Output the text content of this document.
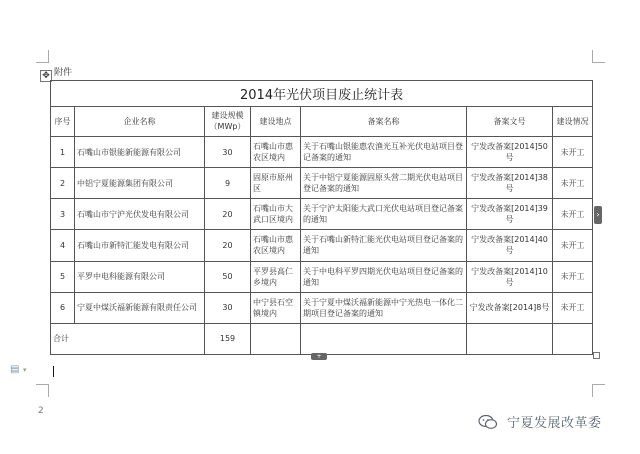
✥ 附件
2014年光伏项目废止统计表						
序号	企业名称	建设规模（MWp）	建设地点	备案名称	备案文号	建设情况
1	石嘴山市银能新能源有限公司	30	石嘴山市惠农区境内	关于石嘴山银能惠农渔光互补光伏电站项目登记备案的通知	宁发改备案[2014]50号	未开工
2	中铝宁夏能源集团有限公司	9	固原市原州区	关于中铝宁夏能源固原头营二期光伏电站项目登记备案的通知	宁发改备案[2014]38号	未开工
3	石嘴山市宁沪光伏发电有限公司	20	石嘴山市大武口区境内	关于宁沪太阳能大武口光伏电站项目登记备案的通知	宁发改备案[2014]39号	未开工
4	石嘴山市新特汇能发电有限公司	20	石嘴山市惠农区境内	关于石嘴山新特汇能光伏电站项目登记备案的通知	宁发改备案[2014]40号	未开工
5	平罗中电科能源有限公司	50	平罗县高仁乡境内	关于中电科平罗四期光伏电站项目登记备案的通知	宁发改备案[2014]10号	未开工
6	宁夏中煤沃福新能源有限责任公司	30	中宁县石空镇境内	关于宁夏中煤沃福新能源中宁光热电一体化二期项目登记备案的通知	宁发改备案[2014]8号	未开工
合计		159				
›
+
▤ ▾
2
宁夏发展改革委
